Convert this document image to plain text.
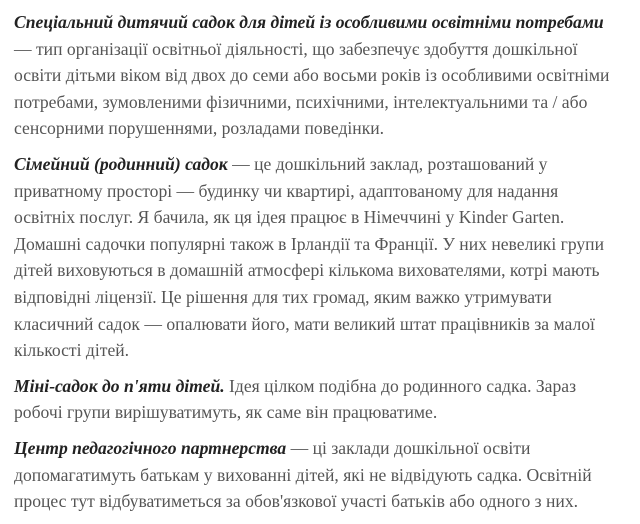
Спеціальний дитячий садок для дітей із особливими освітніми потребами
— тип організації освітньої діяльності, що забезпечує здобуття дошкільної
освіти дітьми віком від двох до семи або восьми років із особливими освітніми
потребами, зумовленими фізичними, психічними, інтелектуальними та / або
сенсорними порушеннями, розладами поведінки.
Сімейний (родинний) садок — це дошкільний заклад, розташований у
приватному просторі — будинку чи квартирі, адаптованому для надання
освітніх послуг. Я бачила, як ця ідея працює в Німеччині у Kinder Garten.
Домашні садочки популярні також в Ірландії та Франції. У них невеликі групи
дітей виховуються в домашній атмосфері кількома вихователями, котрі мають
відповідні ліцензії. Це рішення для тих громад, яким важко утримувати
класичний садок — опалювати його, мати великий штат працівників за малої
кількості дітей.
Міні-садок до п'яти дітей. Ідея цілком подібна до родинного садка. Зараз
робочі групи вирішуватимуть, як саме він працюватиме.
Центр педагогічного партнерства — ці заклади дошкільної освіти
допомагатимуть батькам у вихованні дітей, які не відвідують садка. Освітній
процес тут відбуватиметься за обов'язкової участі батьків або одного з них.
